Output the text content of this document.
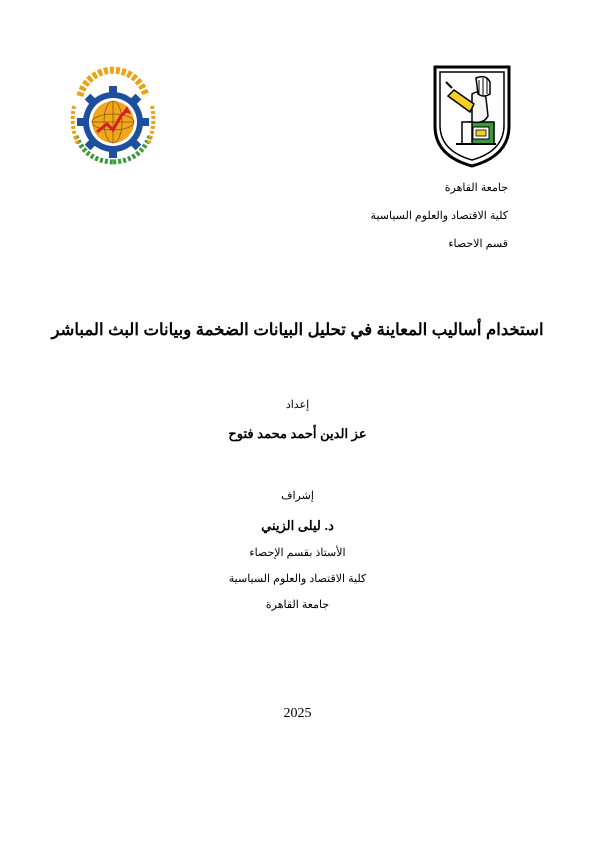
جامعة القاهرة
كلية الاقتصاد والعلوم السياسية
قسم الاحصاء
استخدام أساليب المعاينة في تحليل البيانات الضخمة وبيانات البث المباشر
إعداد
عز الدين أحمد محمد فتوح
إشراف
د. ليلى الزيني
الأستاذ بقسم الإحصاء
كلية الاقتصاد والعلوم السياسية
جامعة القاهرة
2025
